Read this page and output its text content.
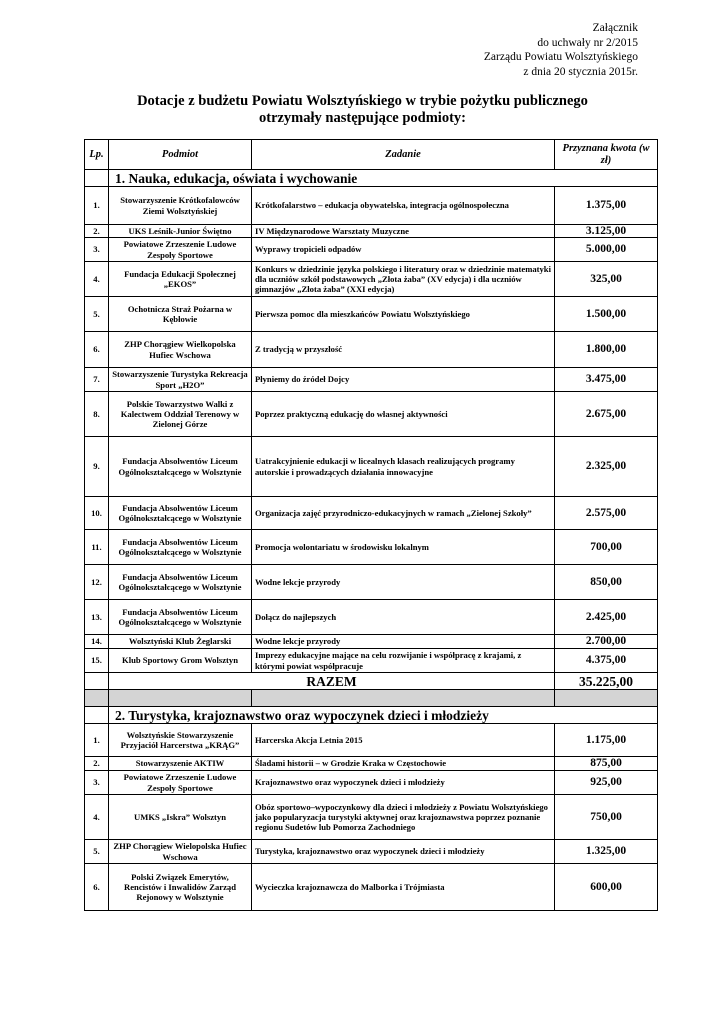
Załącznik
do uchwały nr 2/2015
Zarządu Powiatu Wolsztyńskiego
z dnia 20 stycznia 2015r.
Dotacje z budżetu Powiatu Wolsztyńskiego w trybie pożytku publicznego
otrzymały następujące podmioty:
Lp.	Podmiot	Zadanie	Przyznana kwota (w zł)
	1. Nauka, edukacja, oświata i wychowanie		
1.	Stowarzyszenie Krótkofalowców Ziemi Wolsztyńskiej	Krótkofalarstwo – edukacja obywatelska, integracja ogólnospołeczna	1.375,00
2.	UKS Leśnik-Junior Świętno	IV Międzynarodowe Warsztaty Muzyczne	3.125,00
3.	Powiatowe Zrzeszenie Ludowe Zespoły Sportowe	Wyprawy tropicieli odpadów	5.000,00
4.	Fundacja Edukacji Społecznej „EKOS”	Konkurs w dziedzinie języka polskiego i literatury oraz w dziedzinie matematyki dla uczniów szkół podstawowych „Złota żaba” (XV edycja) i dla uczniów gimnazjów „Złota żaba” (XXI edycja)	325,00
5.	Ochotnicza Straż Pożarna w Kębłowie	Pierwsza pomoc dla mieszkańców Powiatu Wolsztyńskiego	1.500,00
6.	ZHP Chorągiew Wielkopolska Hufiec Wschowa	Z tradycją w przyszłość	1.800,00
7.	Stowarzyszenie Turystyka Rekreacja Sport „H2O”	Płyniemy do źródeł Dojcy	3.475,00
8.	Polskie Towarzystwo Walki z Kalectwem Oddział Terenowy w Zielonej Górze	Poprzez praktyczną edukację do własnej aktywności	2.675,00
9.	Fundacja Absolwentów Liceum Ogólnokształcącego w Wolsztynie	Uatrakcyjnienie edukacji w licealnych klasach realizujących programy autorskie i prowadzących działania innowacyjne	2.325,00
10.	Fundacja Absolwentów Liceum Ogólnokształcącego w Wolsztynie	Organizacja zajęć przyrodniczo-edukacyjnych w ramach „Zielonej Szkoły”	2.575,00
11.	Fundacja Absolwentów Liceum Ogólnokształcącego w Wolsztynie	Promocja wolontariatu w środowisku lokalnym	700,00
12.	Fundacja Absolwentów Liceum Ogólnokształcącego w Wolsztynie	Wodne lekcje przyrody	850,00
13.	Fundacja Absolwentów Liceum Ogólnokształcącego w Wolsztynie	Dołącz do najlepszych	2.425,00
14.	Wolsztyński Klub Żeglarski	Wodne lekcje przyrody	2.700,00
15.	Klub Sportowy Grom Wolsztyn	Imprezy edukacyjne mające na celu rozwijanie i współpracę z krajami, z którymi powiat współpracuje	4.375,00
	RAZEM		35.225,00

	2. Turystyka, krajoznawstwo oraz wypoczynek dzieci i młodzieży		
1.	Wolsztyńskie Stowarzyszenie Przyjaciół Harcerstwa „KRĄG”	Harcerska Akcja Letnia 2015	1.175,00
2.	Stowarzyszenie AKTIW	Śladami historii – w Grodzie Kraka w Częstochowie	875,00
3.	Powiatowe Zrzeszenie Ludowe Zespoły Sportowe	Krajoznawstwo oraz wypoczynek dzieci i młodzieży	925,00
4.	UMKS „Iskra” Wolsztyn	Obóz sportowo–wypoczynkowy dla dzieci i młodzieży z Powiatu Wolsztyńskiego jako popularyzacja turystyki aktywnej oraz krajoznawstwa poprzez poznanie regionu Sudetów lub Pomorza Zachodniego	750,00
5.	ZHP Chorągiew Wielopolska Hufiec Wschowa	Turystyka, krajoznawstwo oraz wypoczynek dzieci i młodzieży	1.325,00
6.	Polski Związek Emerytów, Rencistów i Inwalidów Zarząd Rejonowy w Wolsztynie	Wycieczka krajoznawcza do Malborka i Trójmiasta	600,00
